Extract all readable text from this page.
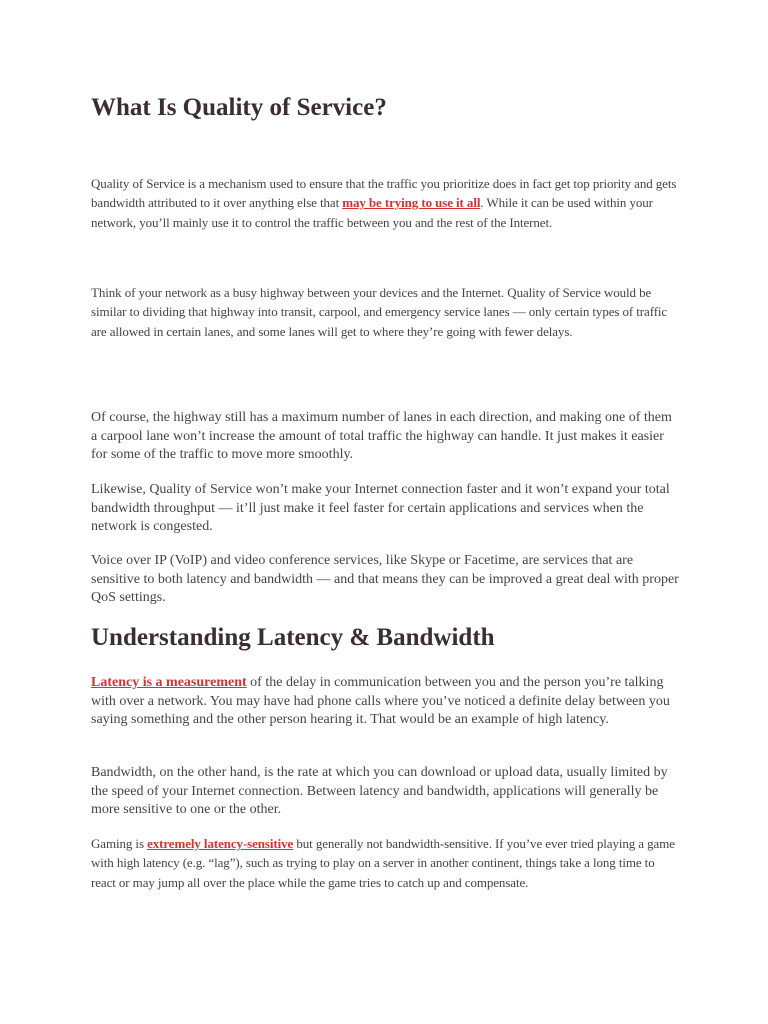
What Is Quality of Service?

Quality of Service is a mechanism used to ensure that the traffic you prioritize does in fact get top priority and gets bandwidth attributed to it over anything else that may be trying to use it all. While it can be used within your network, you’ll mainly use it to control the traffic between you and the rest of the Internet.

Think of your network as a busy highway between your devices and the Internet. Quality of Service would be similar to dividing that highway into transit, carpool, and emergency service lanes — only certain types of traffic are allowed in certain lanes, and some lanes will get to where they’re going with fewer delays.

Of course, the highway still has a maximum number of lanes in each direction, and making one of them a carpool lane won’t increase the amount of total traffic the highway can handle. It just makes it easier for some of the traffic to move more smoothly.

Likewise, Quality of Service won’t make your Internet connection faster and it won’t expand your total bandwidth throughput — it’ll just make it feel faster for certain applications and services when the network is congested.

Voice over IP (VoIP) and video conference services, like Skype or Facetime, are services that are sensitive to both latency and bandwidth — and that means they can be improved a great deal with proper QoS settings.

Understanding Latency & Bandwidth

Latency is a measurement of the delay in communication between you and the person you’re talking with over a network. You may have had phone calls where you’ve noticed a definite delay between you saying something and the other person hearing it. That would be an example of high latency.

Bandwidth, on the other hand, is the rate at which you can download or upload data, usually limited by the speed of your Internet connection. Between latency and bandwidth, applications will generally be more sensitive to one or the other.

Gaming is extremely latency-sensitive but generally not bandwidth-sensitive. If you’ve ever tried playing a game with high latency (e.g. “lag”), such as trying to play on a server in another continent, things take a long time to react or may jump all over the place while the game tries to catch up and compensate.
